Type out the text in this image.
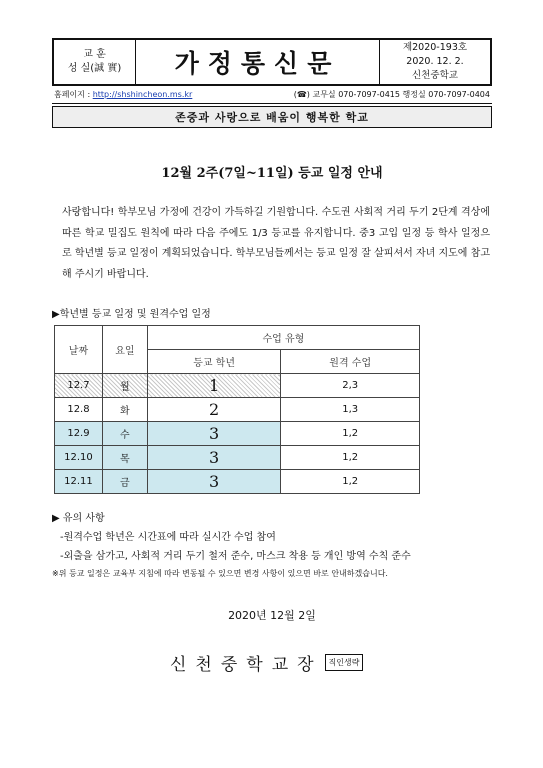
교 훈
성 실(誠 實)	가정통신문
제2020-193호
2020. 12. 2.
신천중학교
홈페이지 : http://shshincheon.ms.kr	(☎) 교무실 070-7097-0415 행정실 070-7097-0404
존중과 사랑으로 배움이 행복한 학교
12월 2주(7일~11일) 등교 일정 안내

사랑합니다! 학부모님 가정에 건강이 가득하길 기원합니다. 수도권 사회적 거리 두기 2단계 격상에 따른 학교 밀집도 원칙에 따라 다음 주에도 1/3 등교를 유지합니다. 중3 고입 일정 등 학사 일정으로 학년별 등교 일정이 계획되었습니다. 학부모님들께서는 등교 일정 잘 살피셔서 자녀 지도에 참고해 주시기 바랍니다.

▶학년별 등교 일정 및 원격수업 일정
날짜	요일	수업 유형	
		등교 학년	원격 수업
12.7	월	1	2,3
12.8	화	2	1,3
12.9	수	3	1,2
12.10	목	3	1,2
12.11	금	3	1,2
▶ 유의 사항
-원격수업 학년은 시간표에 따라 실시간 수업 참여
-외출을 삼가고, 사회적 거리 두기 철저 준수, 마스크 착용 등 개인 방역 수칙 준수
※위 등교 일정은 교육부 지침에 따라 변동될 수 있으면 변경 사항이 있으면 바로 안내하겠습니다.
2020년 12월 2일
신천중학교장 직인생략
